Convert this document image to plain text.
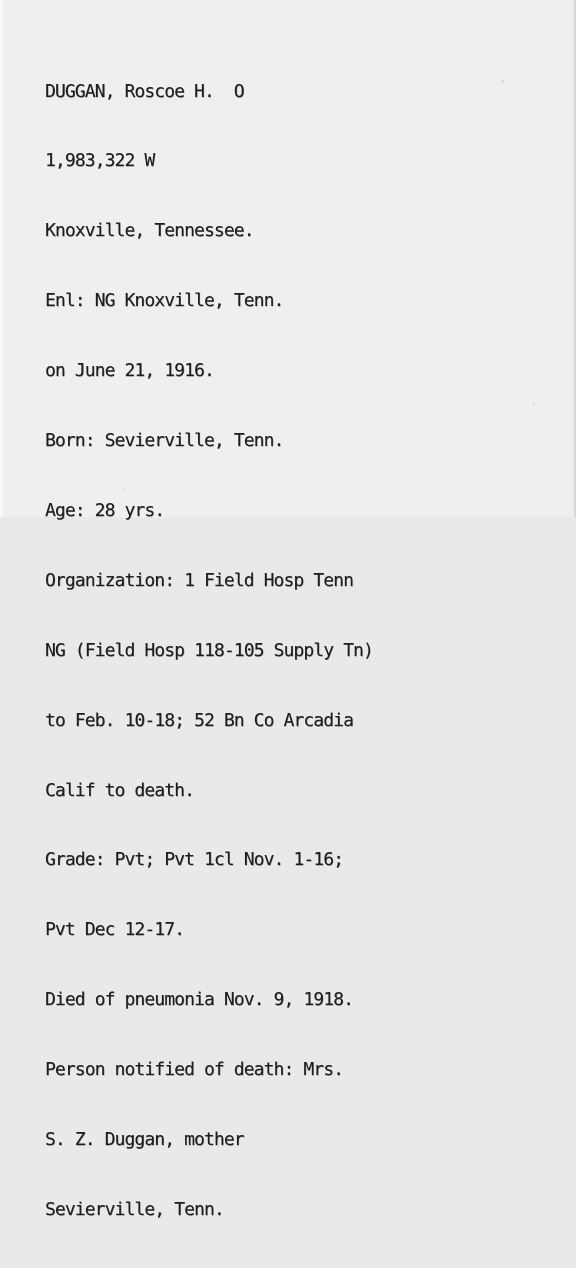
DUGGAN, Roscoe H.  O

1,983,322 W

Knoxville, Tennessee.

Enl: NG Knoxville, Tenn.

on June 21, 1916.

Born: Sevierville, Tenn.

Age: 28 yrs.

Organization: 1 Field Hosp Tenn

NG (Field Hosp 118-105 Supply Tn)

to Feb. 10-18; 52 Bn Co Arcadia

Calif to death.

Grade: Pvt; Pvt 1cl Nov. 1-16;

Pvt Dec 12-17.

Died of pneumonia Nov. 9, 1918.

Person notified of death: Mrs.

S. Z. Duggan, mother

Sevierville, Tenn.
